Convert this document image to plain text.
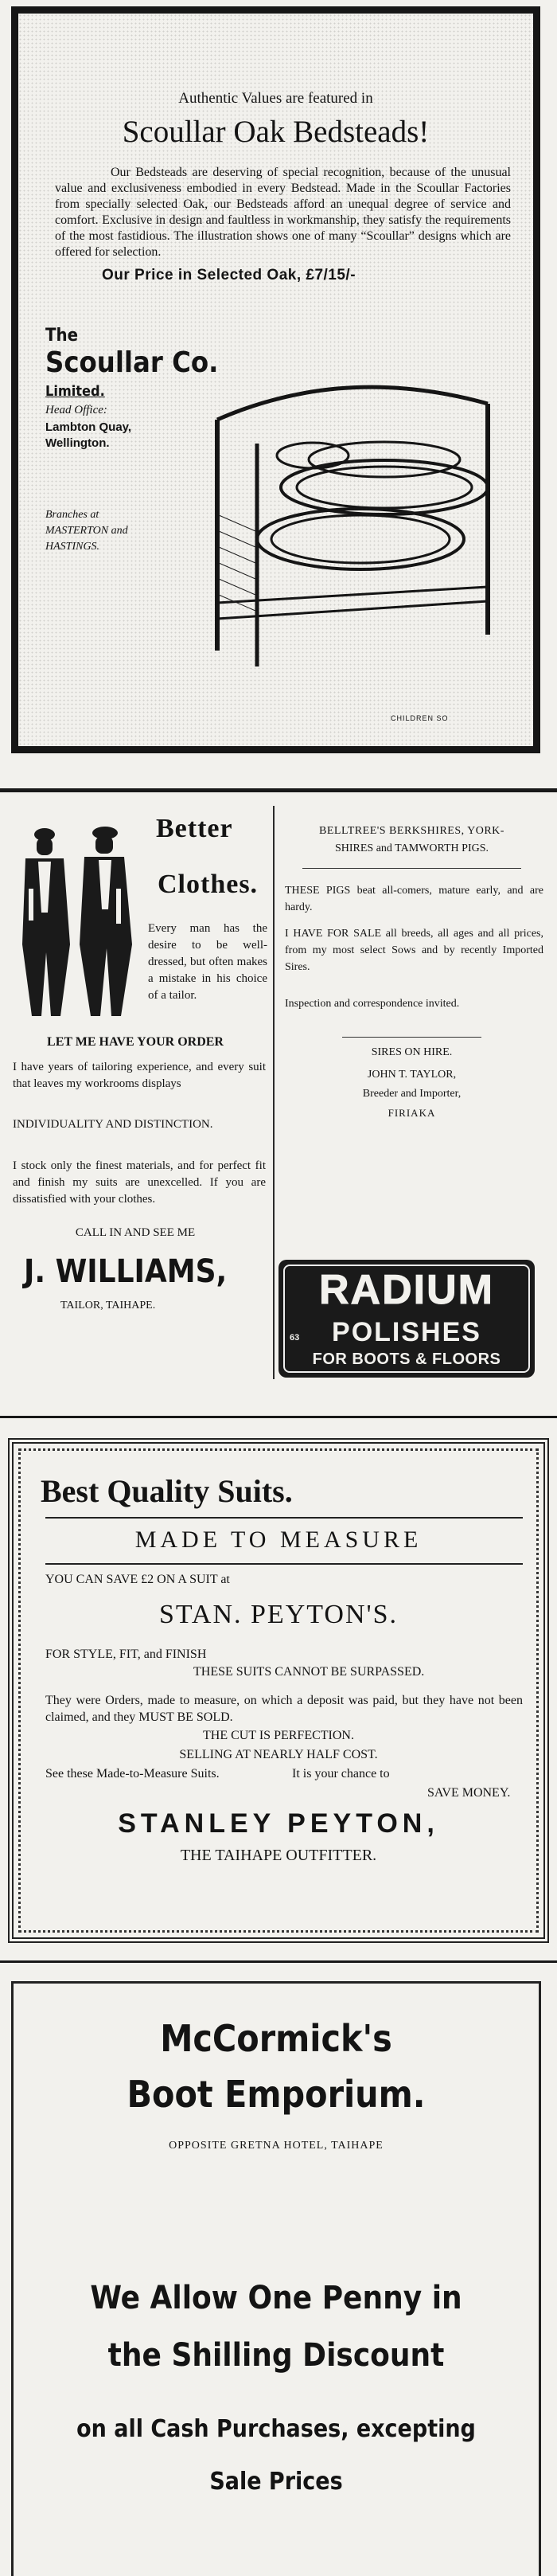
Authentic Values are featured in
Scoullar Oak Bedsteads!

Our Bedsteads are deserving of special recognition, because of the unusual value and exclusiveness embodied in every Bedstead. Made in the Scoullar Factories from specially selected Oak, our Bedsteads afford an unequal degree of service and comfort. Exclusive in design and faultless in workmanship, they satisfy the requirements of the most fastidious. The illustration shows one of many “Scoullar” designs which are offered for selection.

Our Price in Selected Oak, £7/15/-
The
Scoullar Co.
Limited.
Head Office:
Lambton Quay, Wellington.
Branches at MASTERTON and HASTINGS.
CHILDREN SO
Better
Clothes.

Every man has the desire to be well-dressed, but often makes a mistake in his choice of a tailor.

LET ME HAVE YOUR ORDER

I have years of tailoring experience, and every suit that leaves my workrooms displays

INDIVIDUALITY AND DISTINCTION.

I stock only the finest materials, and for perfect fit and finish my suits are unexcelled. If you are dissatisfied with your clothes.

CALL IN AND SEE ME
J. WILLIAMS,
TAILOR, TAIHAPE.
BELLTREE'S BERKSHIRES, YORK-
SHIRES and TAMWORTH PIGS.

THESE PIGS beat all-comers, mature early, and are hardy.

I HAVE FOR SALE all breeds, all ages and all prices, from my most select Sows and by recently Imported Sires.

Inspection and correspondence invited.

SIRES ON HIRE.
JOHN T. TAYLOR,
Breeder and Importer,
FIRIAKA
RADIUM
POLISHES
63
FOR BOOTS & FLOORS
Best Quality Suits.
MADE TO MEASURE
YOU CAN SAVE £2 ON A SUIT at
STAN. PEYTON'S.
FOR STYLE, FIT, and FINISH
THESE SUITS CANNOT BE SURPASSED.

They were Orders, made to measure, on which a deposit was paid, but they have not been claimed, and they MUST BE SOLD.

THE CUT IS PERFECTION.
SELLING AT NEARLY HALF COST.
See these Made-to-Measure Suits.	It is your chance to
SAVE MONEY.
STANLEY PEYTON,
THE TAIHAPE OUTFITTER.
McCormick's
Boot Emporium.
OPPOSITE GRETNA HOTEL, TAIHAPE
We Allow One Penny in
the Shilling Discount
on all Cash Purchases, excepting
Sale Prices
